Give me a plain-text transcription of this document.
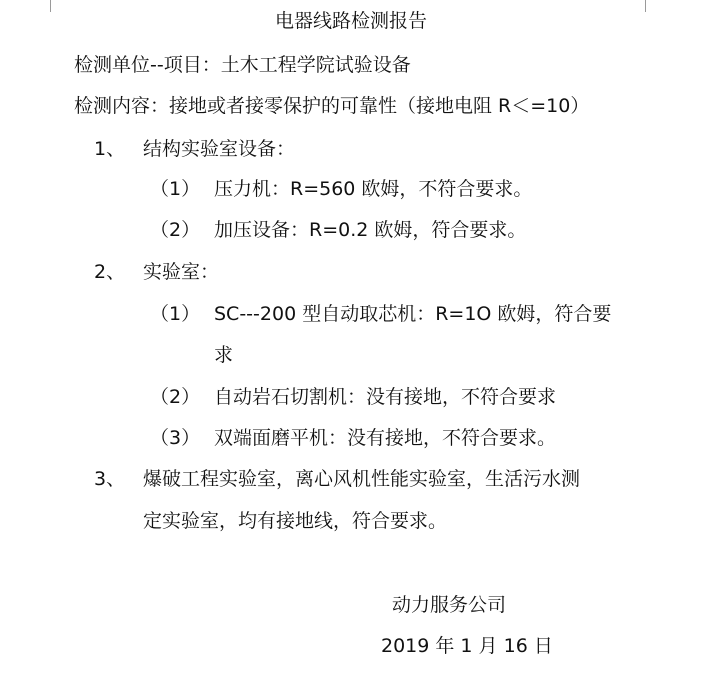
电器线路检测报告
检测单位--项目：土木工程学院试验设备
检测内容：接地或者接零保护的可靠性（接地电阻 R＜=10）
1、 结构实验室设备：
（1） 压力机：R=560 欧姆，不符合要求。
（2） 加压设备：R=0.2 欧姆，符合要求。
2、 实验室：
（1） SC---200 型自动取芯机：R=1O 欧姆，符合要
求
（2） 自动岩石切割机：没有接地，不符合要求
（3） 双端面磨平机：没有接地，不符合要求。
3、 爆破工程实验室，离心风机性能实验室，生活污水测
定实验室，均有接地线，符合要求。
动力服务公司
2019 年 1 月 16 日
